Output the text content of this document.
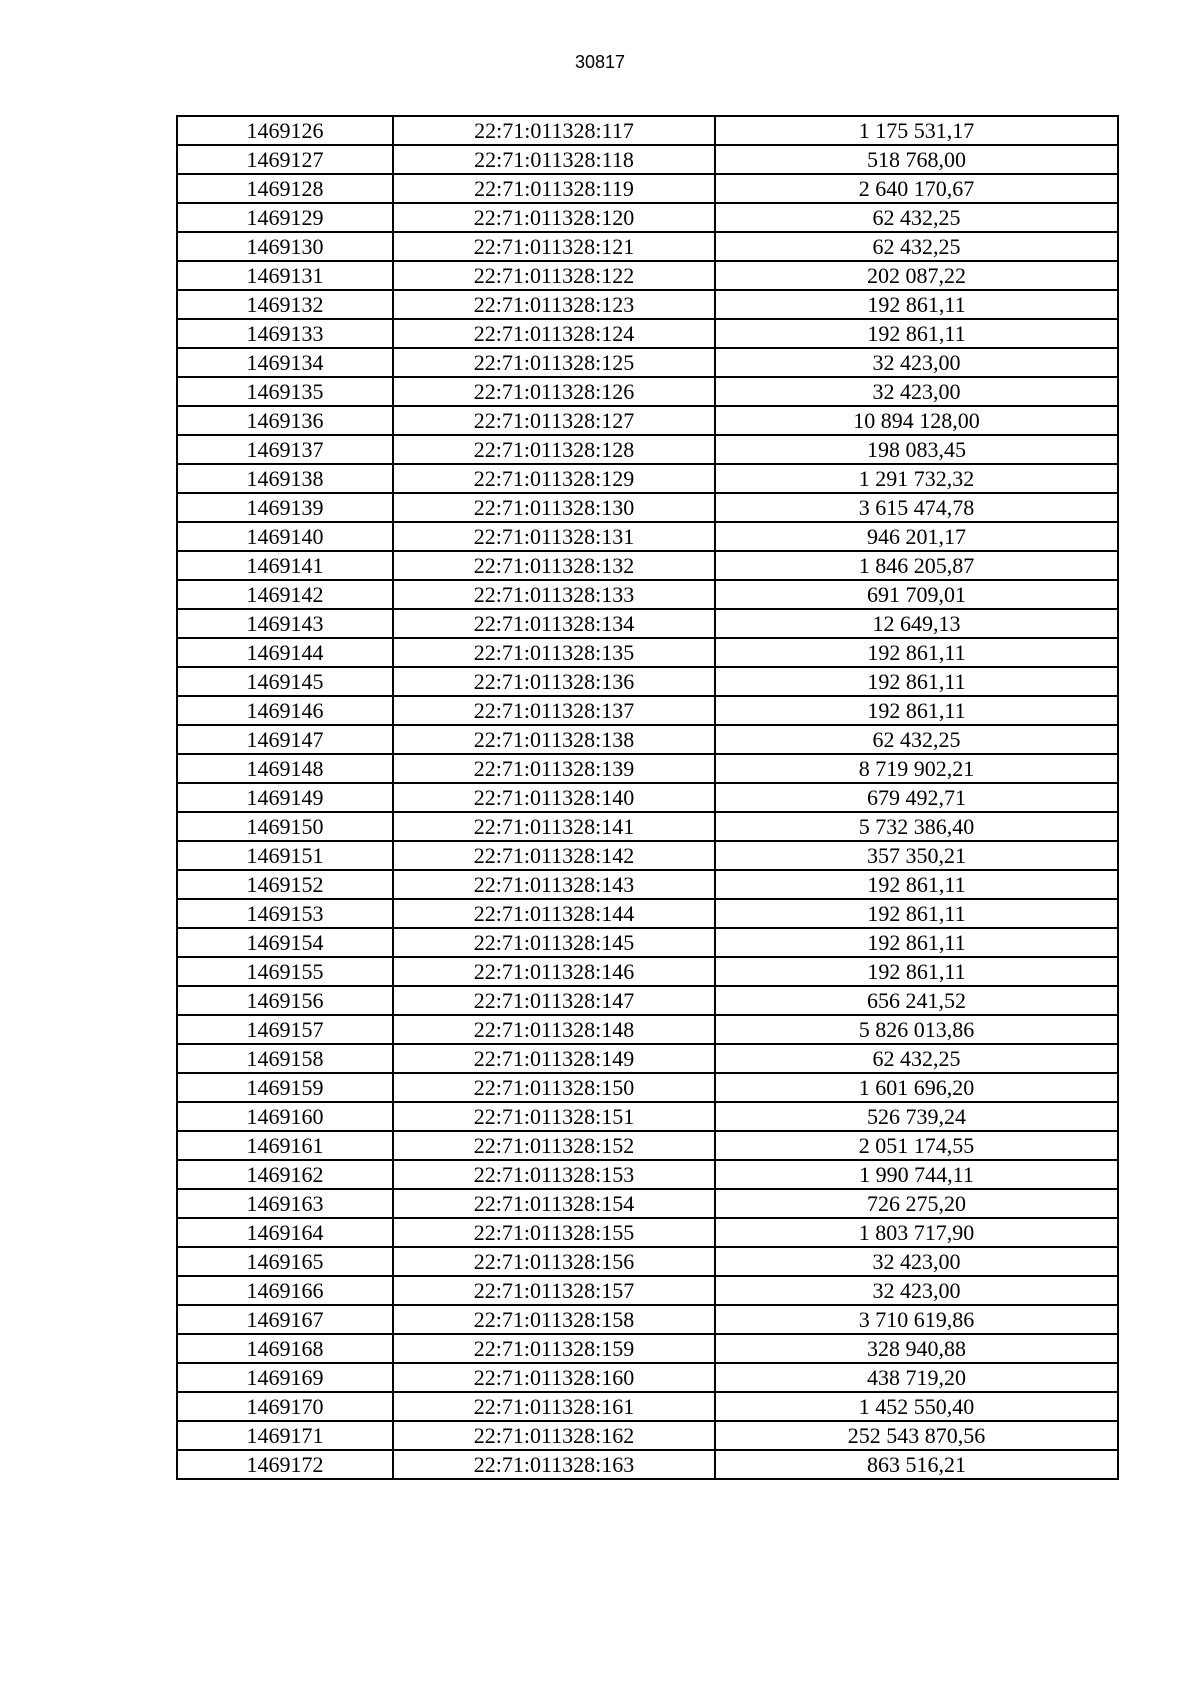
30817
1469126	22:71:011328:117	1 175 531,17
1469127	22:71:011328:118	518 768,00
1469128	22:71:011328:119	2 640 170,67
1469129	22:71:011328:120	62 432,25
1469130	22:71:011328:121	62 432,25
1469131	22:71:011328:122	202 087,22
1469132	22:71:011328:123	192 861,11
1469133	22:71:011328:124	192 861,11
1469134	22:71:011328:125	32 423,00
1469135	22:71:011328:126	32 423,00
1469136	22:71:011328:127	10 894 128,00
1469137	22:71:011328:128	198 083,45
1469138	22:71:011328:129	1 291 732,32
1469139	22:71:011328:130	3 615 474,78
1469140	22:71:011328:131	946 201,17
1469141	22:71:011328:132	1 846 205,87
1469142	22:71:011328:133	691 709,01
1469143	22:71:011328:134	12 649,13
1469144	22:71:011328:135	192 861,11
1469145	22:71:011328:136	192 861,11
1469146	22:71:011328:137	192 861,11
1469147	22:71:011328:138	62 432,25
1469148	22:71:011328:139	8 719 902,21
1469149	22:71:011328:140	679 492,71
1469150	22:71:011328:141	5 732 386,40
1469151	22:71:011328:142	357 350,21
1469152	22:71:011328:143	192 861,11
1469153	22:71:011328:144	192 861,11
1469154	22:71:011328:145	192 861,11
1469155	22:71:011328:146	192 861,11
1469156	22:71:011328:147	656 241,52
1469157	22:71:011328:148	5 826 013,86
1469158	22:71:011328:149	62 432,25
1469159	22:71:011328:150	1 601 696,20
1469160	22:71:011328:151	526 739,24
1469161	22:71:011328:152	2 051 174,55
1469162	22:71:011328:153	1 990 744,11
1469163	22:71:011328:154	726 275,20
1469164	22:71:011328:155	1 803 717,90
1469165	22:71:011328:156	32 423,00
1469166	22:71:011328:157	32 423,00
1469167	22:71:011328:158	3 710 619,86
1469168	22:71:011328:159	328 940,88
1469169	22:71:011328:160	438 719,20
1469170	22:71:011328:161	1 452 550,40
1469171	22:71:011328:162	252 543 870,56
1469172	22:71:011328:163	863 516,21
